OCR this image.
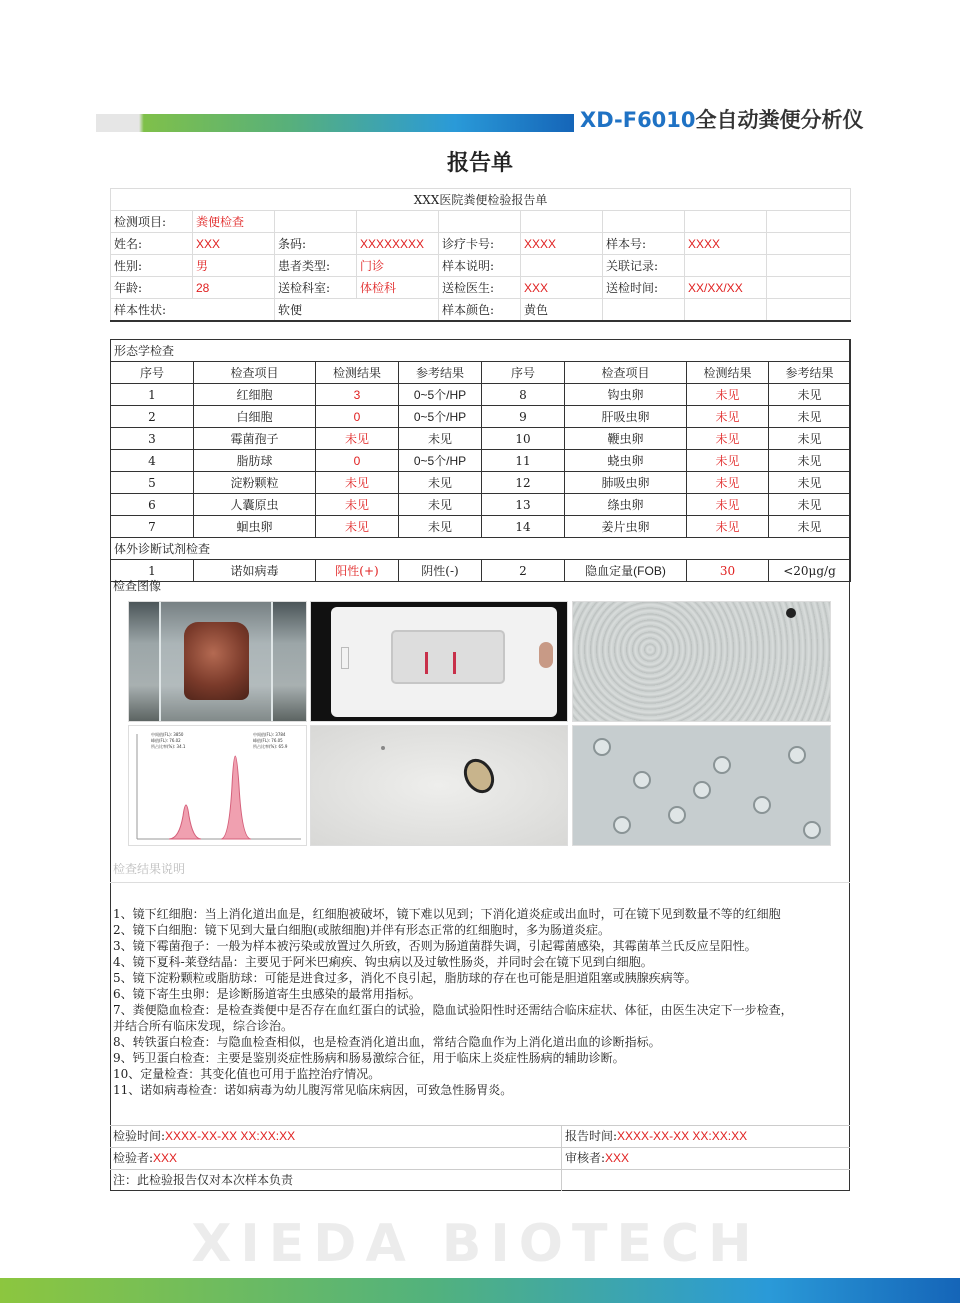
XD-F6010全自动粪便分析仪
报告单
XXX医院粪便检验报告单								
检测项目:	粪便检查							
姓名:	XXX	条码:	XXXXXXXX	诊疗卡号:	XXXX	样本号:	XXXX	
性别:	男	患者类型:	门诊	样本说明:		关联记录:		
年龄:	28	送检科室:	体检科	送检医生:	XXX	送检时间:	XX/XX/XX	
样本性状:		软便		样本颜色:	黄色			
形态学检查							
序号	检查项目	检测结果	参考结果	序号	检查项目	检测结果	参考结果
1	红细胞	3	0~5个/HP	8	钩虫卵	未见	未见
2	白细胞	0	0~5个/HP	9	肝吸虫卵	未见	未见
3	霉菌孢子	未见	未见	10	鞭虫卵	未见	未见
4	脂肪球	0	0~5个/HP	11	蛲虫卵	未见	未见
5	淀粉颗粒	未见	未见	12	肺吸虫卵	未见	未见
6	人囊原虫	未见	未见	13	绦虫卵	未见	未见
7	蛔虫卵	未见	未见	14	姜片虫卵	未见	未见
体外诊断试剂检查							
1	诺如病毒	阳性(+)	阴性(-)	2	隐血定量(FOB)	30	<20μg/g
检查图像
中间值(FL): 3850
峰值(FL): 76.02
所占比率(%): 34.1
中间值(FL): 3784
峰值(FL): 76.05
所占比率(%): 65.9
检查结果说明
1、镜下红细胞：当上消化道出血是，红细胞被破坏，镜下难以见到；下消化道炎症或出血时，可在镜下见到数量不等的红细胞
2、镜下白细胞：镜下见到大量白细胞(或脓细胞)并伴有形态正常的红细胞时，多为肠道炎症。
3、镜下霉菌孢子：一般为样本被污染或放置过久所致，否则为肠道菌群失调，引起霉菌感染，其霉菌革兰氏反应呈阳性。
4、镜下夏科-莱登结晶：主要见于阿米巴痢疾、钩虫病以及过敏性肠炎，并同时会在镜下见到白细胞。
5、镜下淀粉颗粒或脂肪球：可能是进食过多，消化不良引起，脂肪球的存在也可能是胆道阻塞或胰腺疾病等。
6、镜下寄生虫卵：是诊断肠道寄生虫感染的最常用指标。
7、粪便隐血检查：是检查粪便中是否存在血红蛋白的试验，隐血试验阳性时还需结合临床症状、体征，由医生决定下一步检查，
并结合所有临床发现，综合诊治。
8、转铁蛋白检查：与隐血检查相似，也是检查消化道出血，常结合隐血作为上消化道出血的诊断指标。
9、钙卫蛋白检查：主要是鉴别炎症性肠病和肠易激综合征，用于临床上炎症性肠病的辅助诊断。
10、定量检查：其变化值也可用于监控治疗情况。
11、诺如病毒检查：诺如病毒为幼儿腹泻常见临床病因，可致急性肠胃炎。
检验时间:XXXX-XX-XX XX:XX:XX	报告时间:XXXX-XX-XX XX:XX:XX
检验者:XXX	审核者:XXX
注：此检验报告仅对本次样本负责
XIEDA BIOTECH
